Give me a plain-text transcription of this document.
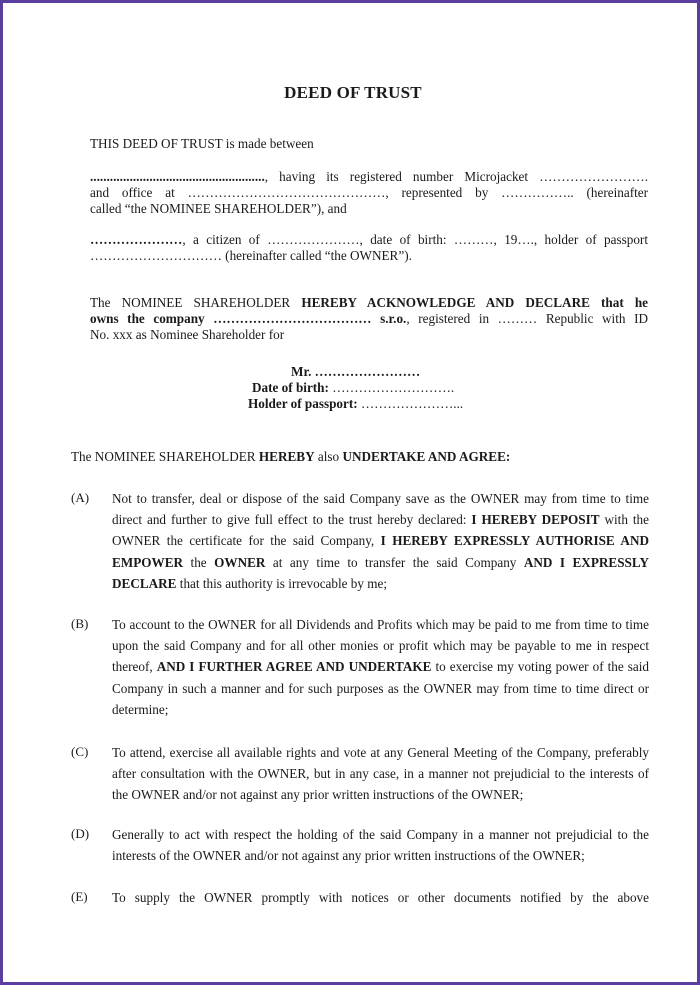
DEED OF TRUST

THIS DEED OF TRUST is made between

....................................................., having its registered number Microjacket …………………….
and office at ………………………………………, represented by …………….. (hereinafter
called “the NOMINEE SHAREHOLDER”), and
…………………, a citizen of …………………, date of birth: ………, 19…., holder of passport
………………………… (hereinafter called “the OWNER”).
The NOMINEE SHAREHOLDER HEREBY ACKNOWLEDGE AND DECLARE that he
owns the company ……………………………… s.r.o., registered in ……… Republic with ID
No. xxx as Nominee Shareholder for
Mr. ……………………
Date of birth: ……………………….
Holder of passport: …………………...

The NOMINEE SHAREHOLDER HEREBY also UNDERTAKE AND AGREE:

(A) Not to transfer, deal or dispose of the said Company save as the OWNER may from time to time direct and further to give full effect to the trust hereby declared: I HEREBY DEPOSIT with the OWNER the certificate for the said Company, I HEREBY EXPRESSLY AUTHORISE AND EMPOWER the OWNER at any time to transfer the said Company AND I EXPRESSLY DECLARE that this authority is irrevocable by me;
(B) To account to the OWNER for all Dividends and Profits which may be paid to me from time to time upon the said Company and for all other monies or profit which may be payable to me in respect thereof, AND I FURTHER AGREE AND UNDERTAKE to exercise my voting power of the said Company in such a manner and for such purposes as the OWNER may from time to time direct or determine;
(C) To attend, exercise all available rights and vote at any General Meeting of the Company, preferably after consultation with the OWNER, but in any case, in a manner not prejudicial to the interests of the OWNER and/or not against any prior written instructions of the OWNER;
(D) Generally to act with respect the holding of the said Company in a manner not prejudicial to the interests of the OWNER and/or not against any prior written instructions of the OWNER;
(E) To supply the OWNER promptly with notices or other documents notified by the above
